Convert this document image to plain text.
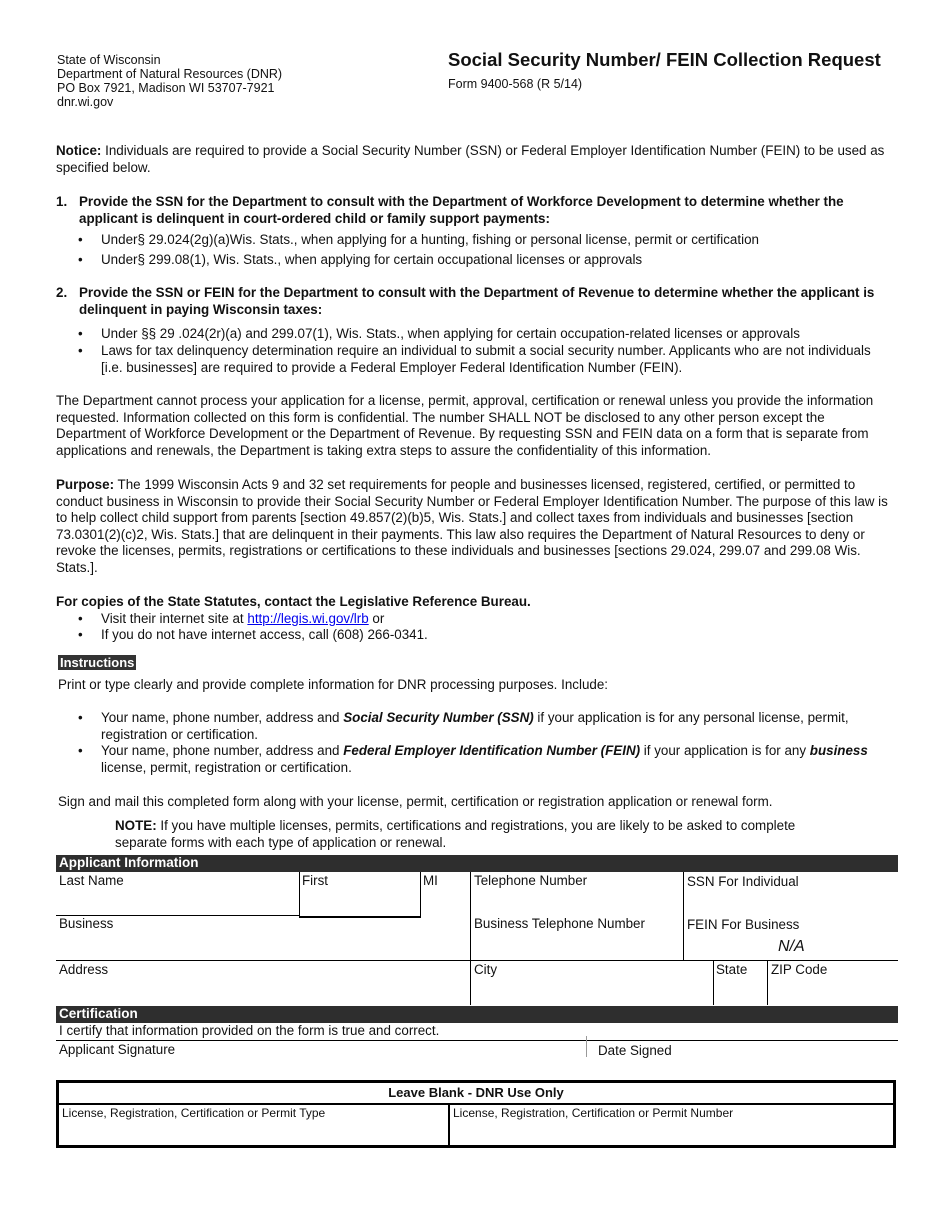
State of Wisconsin
Department of Natural Resources (DNR)
PO Box 7921, Madison WI 53707-7921
dnr.wi.gov
Social Security Number/ FEIN Collection Request
Form 9400-568 (R 5/14)
Notice: Individuals are required to provide a Social Security Number (SSN) or Federal Employer Identification Number (FEIN) to be used as specified below.
1. Provide the SSN for the Department to consult with the Department of Workforce Development to determine whether the applicant is delinquent in court-ordered child or family support payments:
• Under§ 29.024(2g)(a)Wis. Stats., when applying for a hunting, fishing or personal license, permit or certification
• Under§ 299.08(1), Wis. Stats., when applying for certain occupational licenses or approvals
2. Provide the SSN or FEIN for the Department to consult with the Department of Revenue to determine whether the applicant is delinquent in paying Wisconsin taxes:
• Under §§ 29 .024(2r)(a) and 299.07(1), Wis. Stats., when applying for certain occupation-related licenses or approvals
• Laws for tax delinquency determination require an individual to submit a social security number. Applicants who are not individuals [i.e. businesses] are required to provide a Federal Employer Federal Identification Number (FEIN).
The Department cannot process your application for a license, permit, approval, certification or renewal unless you provide the information requested. Information collected on this form is confidential. The number SHALL NOT be disclosed to any other person except the Department of Workforce Development or the Department of Revenue. By requesting SSN and FEIN data on a form that is separate from applications and renewals, the Department is taking extra steps to assure the confidentiality of this information.
Purpose: The 1999 Wisconsin Acts 9 and 32 set requirements for people and businesses licensed, registered, certified, or permitted to conduct business in Wisconsin to provide their Social Security Number or Federal Employer Identification Number. The purpose of this law is to help collect child support from parents [section 49.857(2)(b)5, Wis. Stats.] and collect taxes from individuals and businesses [section 73.0301(2)(c)2, Wis. Stats.] that are delinquent in their payments. This law also requires the Department of Natural Resources to deny or revoke the licenses, permits, registrations or certifications to these individuals and businesses [sections 29.024, 299.07 and 299.08 Wis. Stats.].
For copies of the State Statutes, contact the Legislative Reference Bureau.
• Visit their internet site at http://legis.wi.gov/lrb or
• If you do not have internet access, call (608) 266-0341.
Instructions
Print or type clearly and provide complete information for DNR processing purposes. Include:
• Your name, phone number, address and Social Security Number (SSN) if your application is for any personal license, permit, registration or certification.
• Your name, phone number, address and Federal Employer Identification Number (FEIN) if your application is for any business license, permit, registration or certification.
Sign and mail this completed form along with your license, permit, certification or registration application or renewal form.
NOTE: If you have multiple licenses, permits, certifications and registrations, you are likely to be asked to complete separate forms with each type of application or renewal.
Applicant Information
Last Name	First	MI	Telephone Number	SSN For Individual
Business	Business Telephone Number	FEIN For Business
N/A
Address	City	State ZIP Code
Certification
I certify that information provided on the form is true and correct.
Applicant Signature	Date Signed
Leave Blank - DNR Use Only
License, Registration, Certification or Permit Type	License, Registration, Certification or Permit Number
